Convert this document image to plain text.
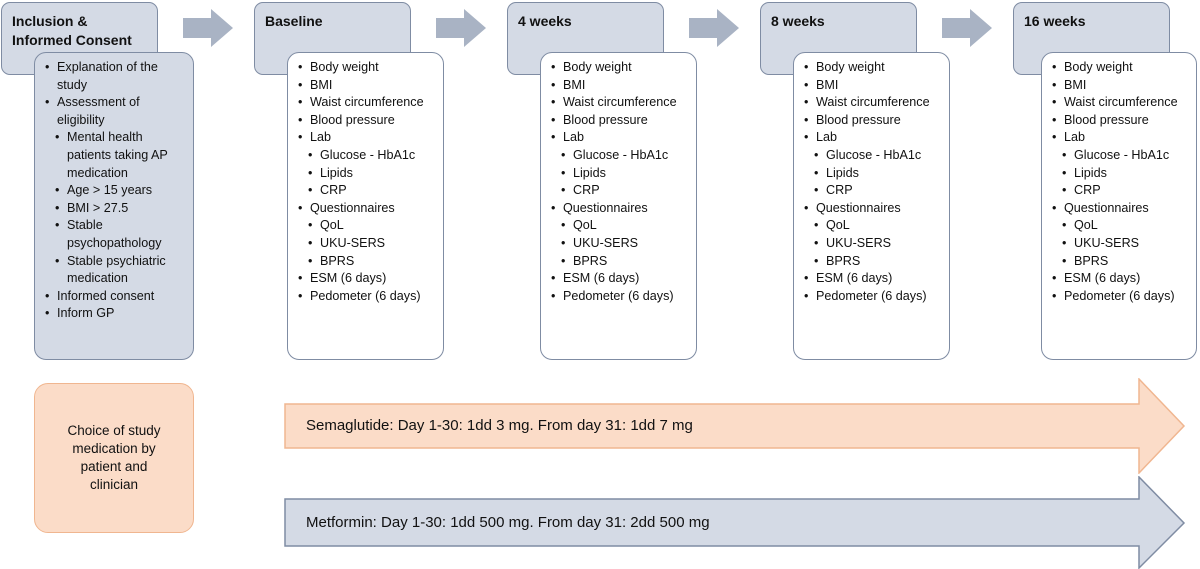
Inclusion & Informed Consent
Baseline	4 weeks	8 weeks	16 weeks
• Explanation of the study
• Assessment of eligibility
• Mental health patients taking AP medication
• Age > 15 years
• BMI > 27.5
• Stable psychopathology
• Stable psychiatric medication
• Informed consent
• Inform GP
• Body weight
• BMI
• Waist circumference
• Blood pressure
• Lab
• Glucose - HbA1c
• Lipids
• CRP
• Questionnaires
• QoL
• UKU-SERS
• BPRS
• ESM (6 days)
• Pedometer (6 days)
• Body weight
• BMI
• Waist circumference
• Blood pressure
• Lab
• Glucose - HbA1c
• Lipids
• CRP
• Questionnaires
• QoL
• UKU-SERS
• BPRS
• ESM (6 days)
• Pedometer (6 days)
• Body weight
• BMI
• Waist circumference
• Blood pressure
• Lab
• Glucose - HbA1c
• Lipids
• CRP
• Questionnaires
• QoL
• UKU-SERS
• BPRS
• ESM (6 days)
• Pedometer (6 days)
• Body weight
• BMI
• Waist circumference
• Blood pressure
• Lab
• Glucose - HbA1c
• Lipids
• CRP
• Questionnaires
• QoL
• UKU-SERS
• BPRS
• ESM (6 days)
• Pedometer (6 days)
Choice of study medication by patient and clinician
Semaglutide: Day 1-30: 1dd 3 mg. From day 31: 1dd 7 mg
Metformin: Day 1-30: 1dd 500 mg. From day 31: 2dd 500 mg
